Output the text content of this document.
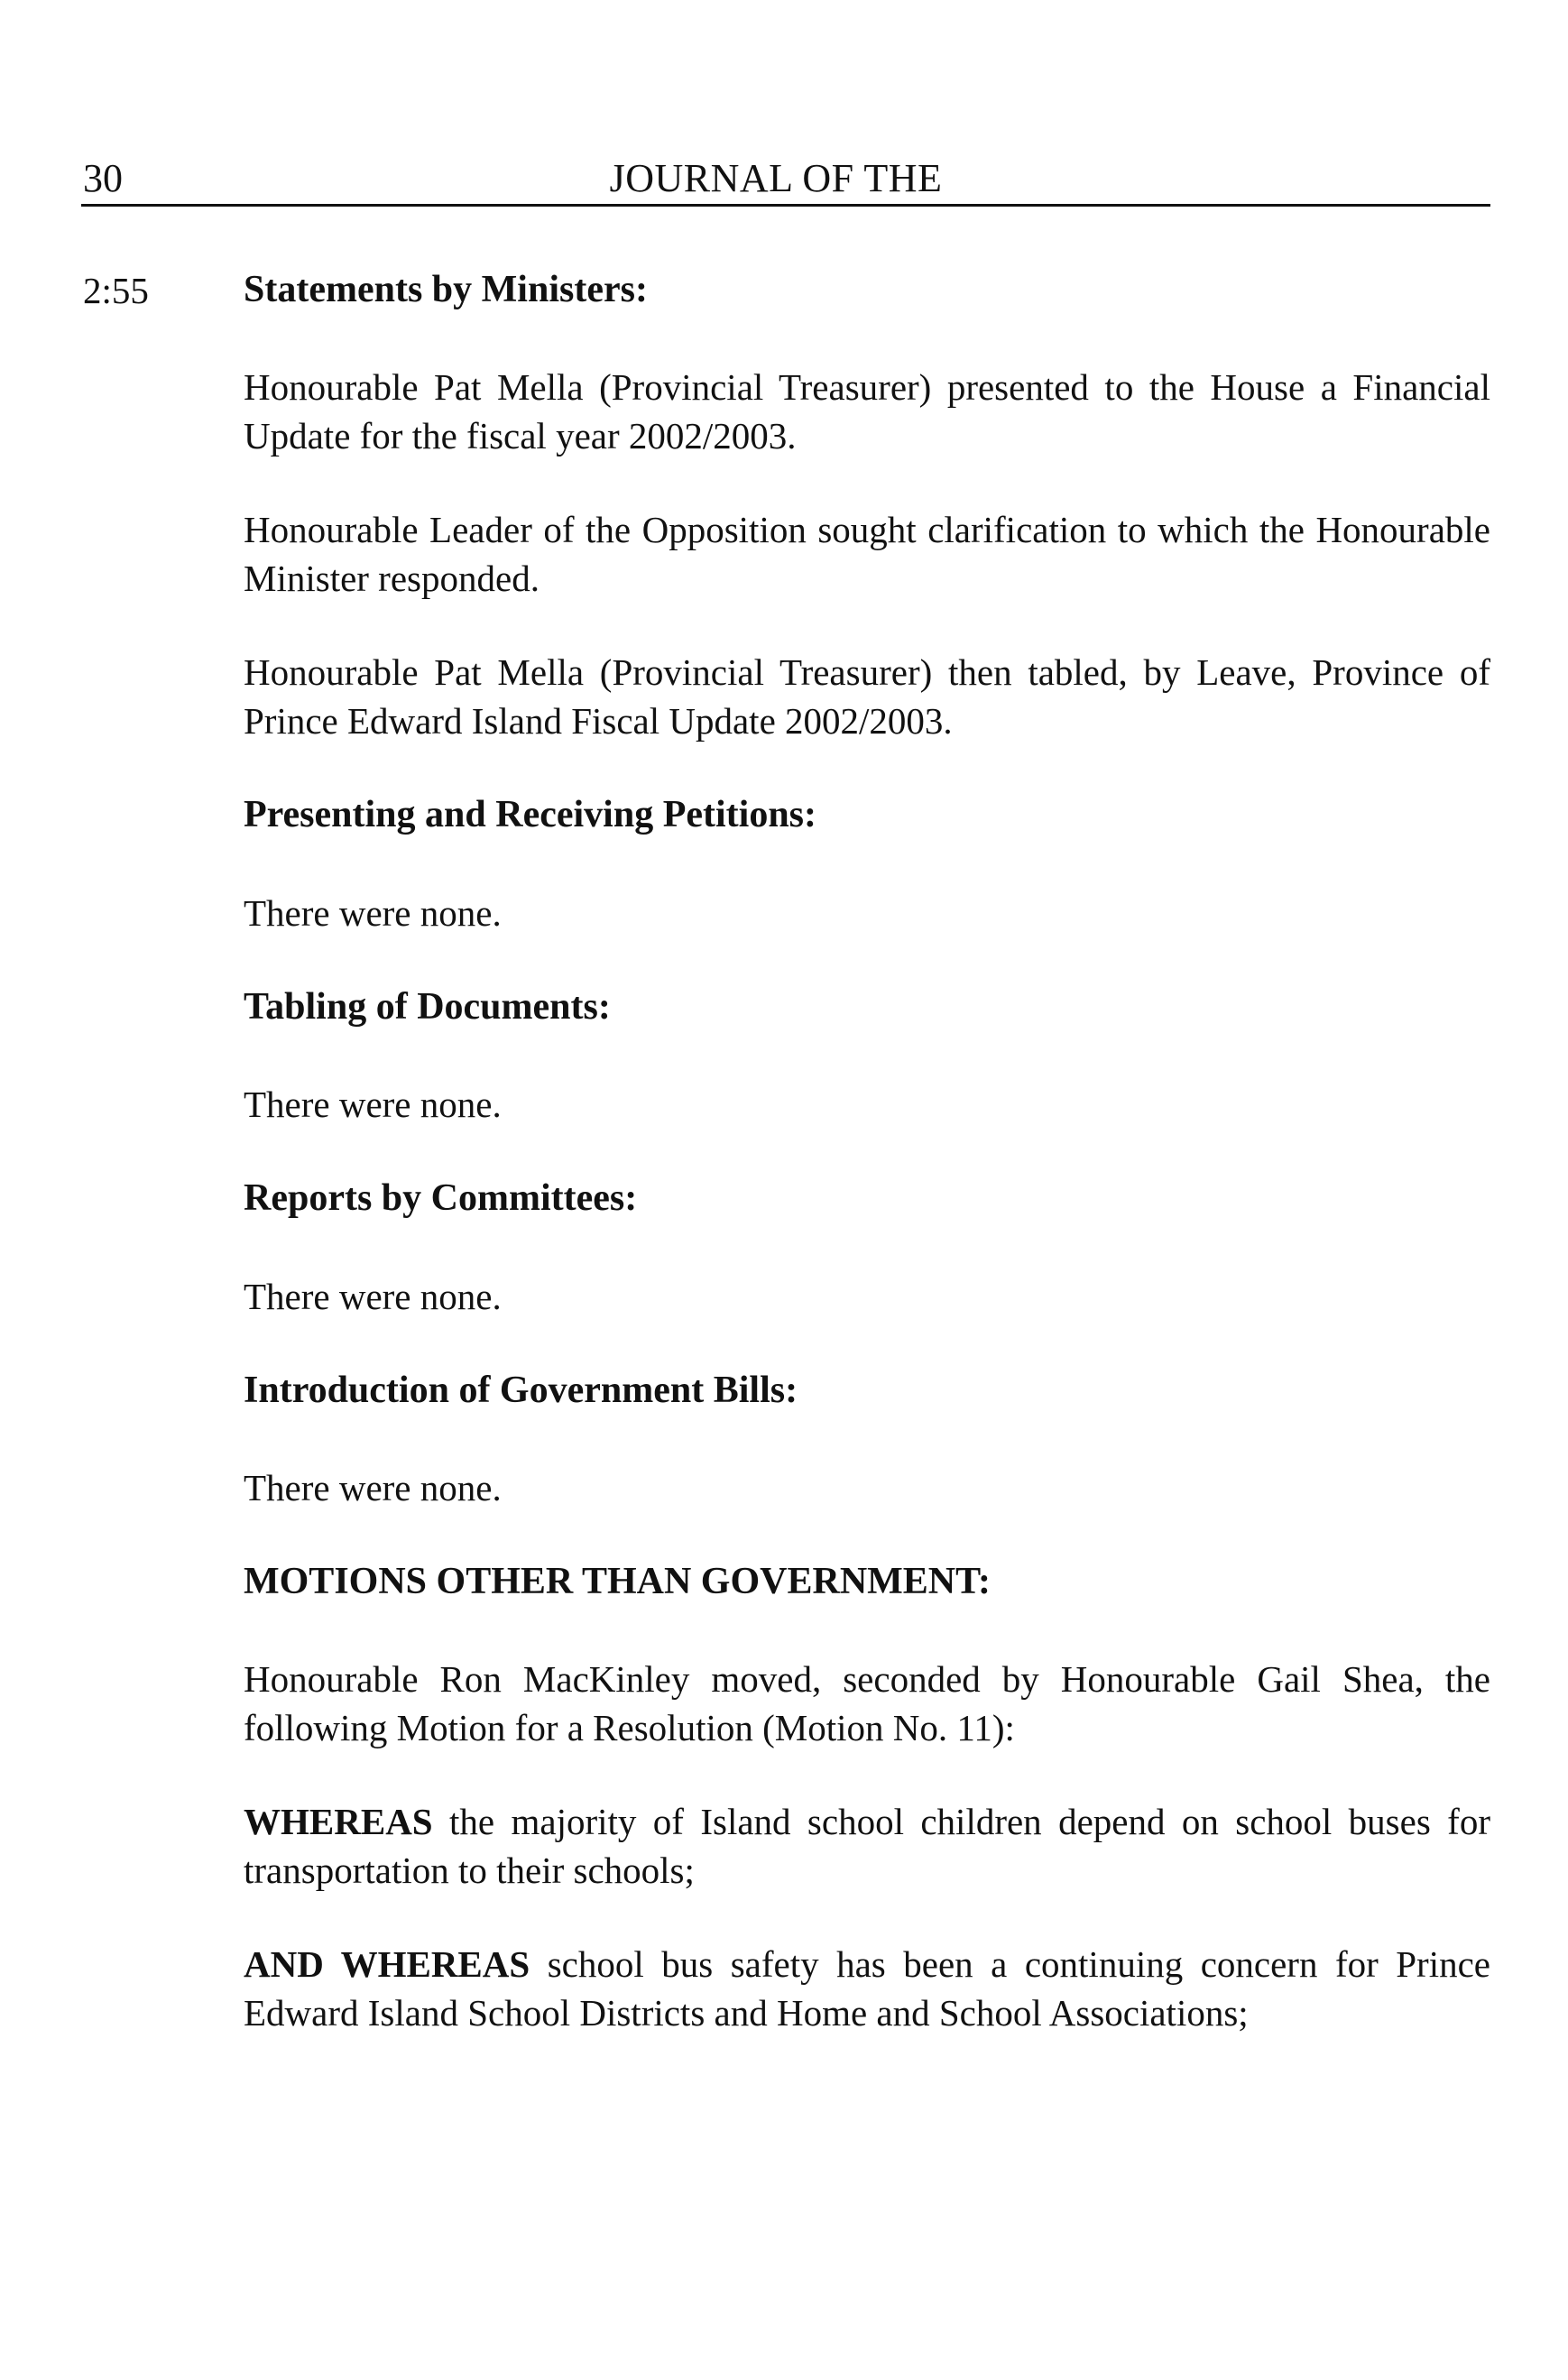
30	JOURNAL OF THE
2:55	Statements by Ministers:

Honourable Pat Mella (Provincial Treasurer) presented to the House a Financial Update for the fiscal year 2002/2003.

Honourable Leader of the Opposition sought clarification to which the Honourable Minister responded.

Honourable Pat Mella (Provincial Treasurer) then tabled, by Leave, Province of Prince Edward Island Fiscal Update 2002/2003.

Presenting and Receiving Petitions:

There were none.

Tabling of Documents:

There were none.

Reports by Committees:

There were none.

Introduction of Government Bills:

There were none.

MOTIONS OTHER THAN GOVERNMENT:

Honourable Ron MacKinley moved, seconded by Honourable Gail Shea, the following Motion for a Resolution (Motion No. 11):

WHEREAS the majority of Island school children depend on school buses for transportation to their schools;

AND WHEREAS school bus safety has been a continuing concern for Prince Edward Island School Districts and Home and School Associations;
